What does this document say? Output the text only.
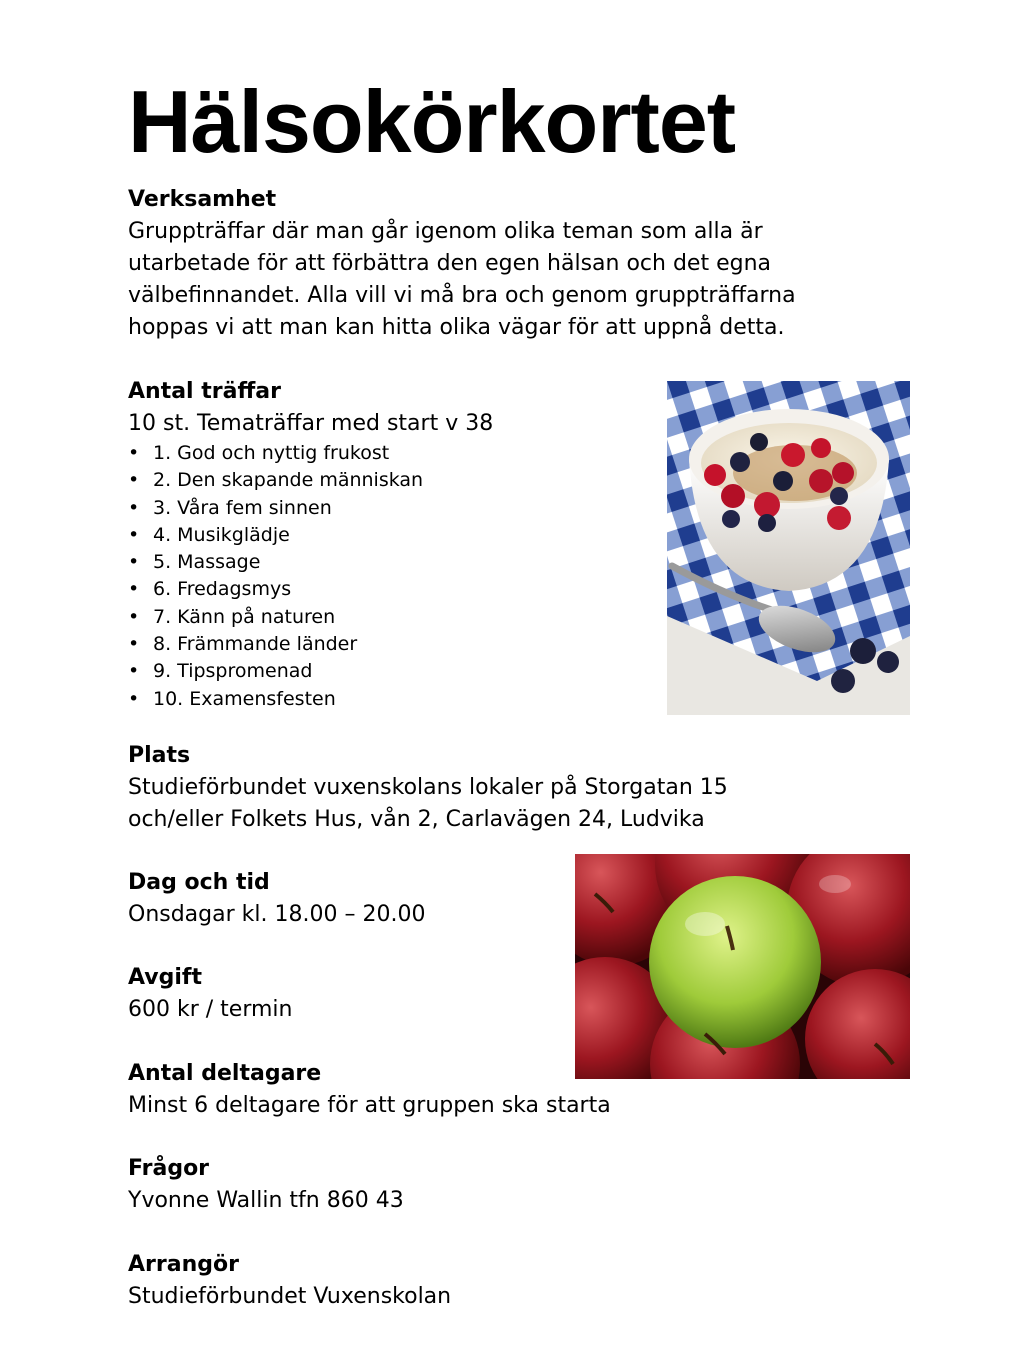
Hälsokörkortet
Verksamhet
Gruppträffar där man går igenom olika teman som alla är
utarbetade för att förbättra den egen hälsan och det egna
välbefinnandet. Alla vill vi må bra och genom gruppträffarna
hoppas vi att man kan hitta olika vägar för att uppnå detta.
Antal träffar
10 st. Tematräffar med start v 38
• 1. God och nyttig frukost
• 2. Den skapande människan
• 3. Våra fem sinnen
• 4. Musikglädje
• 5. Massage
• 6. Fredagsmys
• 7. Känn på naturen
• 8. Främmande länder
• 9. Tipspromenad
• 10. Examensfesten
Plats
Studieförbundet vuxenskolans lokaler på Storgatan 15
och/eller Folkets Hus, vån 2, Carlavägen 24, Ludvika
Dag och tid
Onsdagar kl. 18.00 – 20.00
Avgift
600 kr / termin
Antal deltagare
Minst 6 deltagare för att gruppen ska starta
Frågor
Yvonne Wallin tfn 860 43
Arrangör
Studieförbundet Vuxenskolan
